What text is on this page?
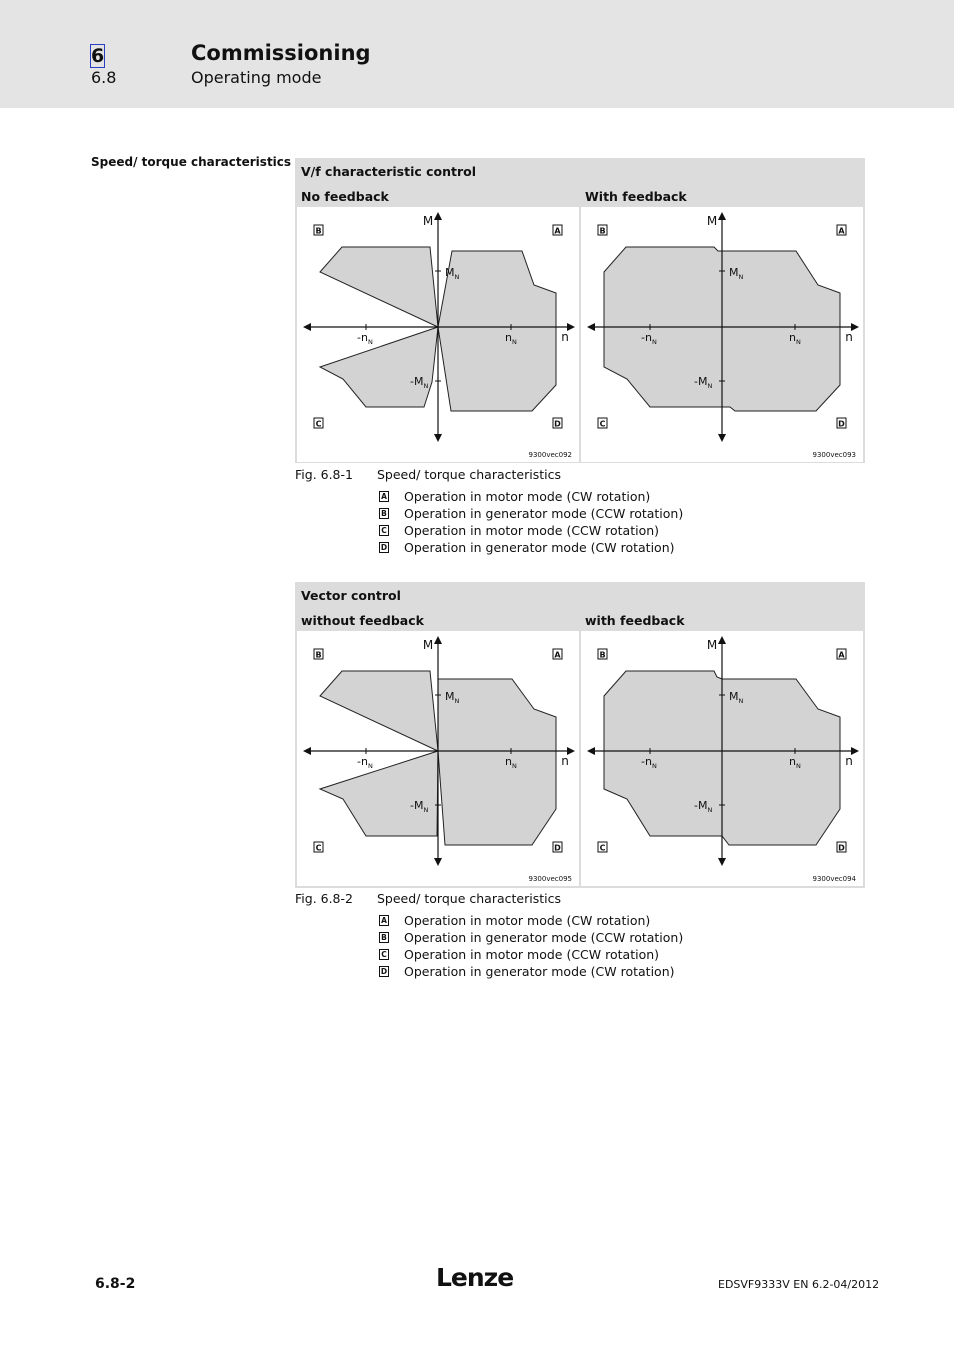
6
6.8
Commissioning
Operating mode
Speed/ torque characteristics
V/f characteristic control
No feedback	With feedback
M
n
$-n_N$	$n_N$
$M_N$
$-M_N$
B	A
C	D
9300vec092
M
n
$-n_N$	$n_N$
$M_N$
$-M_N$
B	A
C	D
9300vec093
Fig. 6.8-1 Speed/ torque characteristics
A Operation in motor mode (CW rotation)
B Operation in generator mode (CCW rotation)
C Operation in motor mode (CCW rotation)
D Operation in generator mode (CW rotation)
Vector control
without feedback	with feedback
M
n
$-n_N$	$n_N$
$M_N$
$-M_N$
B	A
C	D
9300vec095
M
n
$-n_N$	$n_N$
$M_N$
$-M_N$
B	A
C	D
9300vec094
Fig. 6.8-2 Speed/ torque characteristics
A Operation in motor mode (CW rotation)
B Operation in generator mode (CCW rotation)
C Operation in motor mode (CCW rotation)
D Operation in generator mode (CW rotation)
6.8-2	Lenze	EDSVF9333V EN 6.2-04/2012
